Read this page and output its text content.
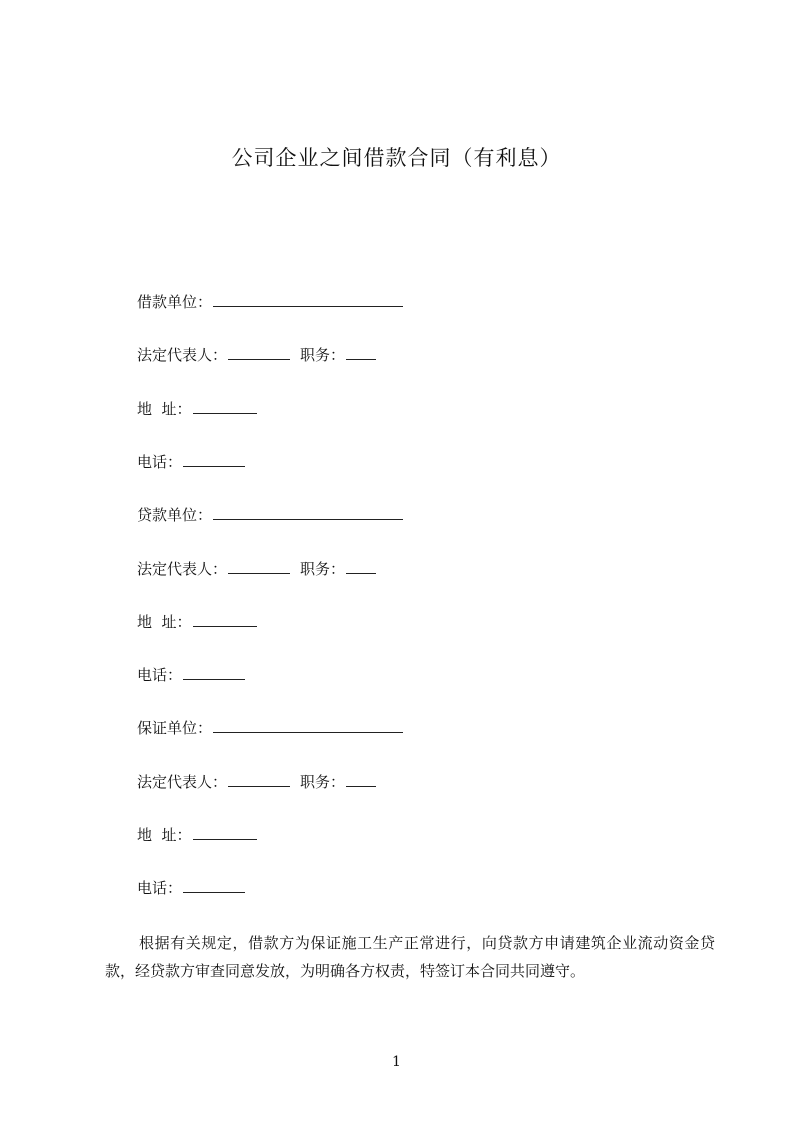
公司企业之间借款合同（有利息）
借款单位：
法定代表人：	职务：
地  址：
电话：
贷款单位：
法定代表人：	职务：
地  址：
电话：
保证单位：
法定代表人：	职务：
地  址：
电话：
根据有关规定，借款方为保证施工生产正常进行，向贷款方申请建筑企业流动资金贷款，经贷款方审查同意发放，为明确各方权责，特签订本合同共同遵守。
1
